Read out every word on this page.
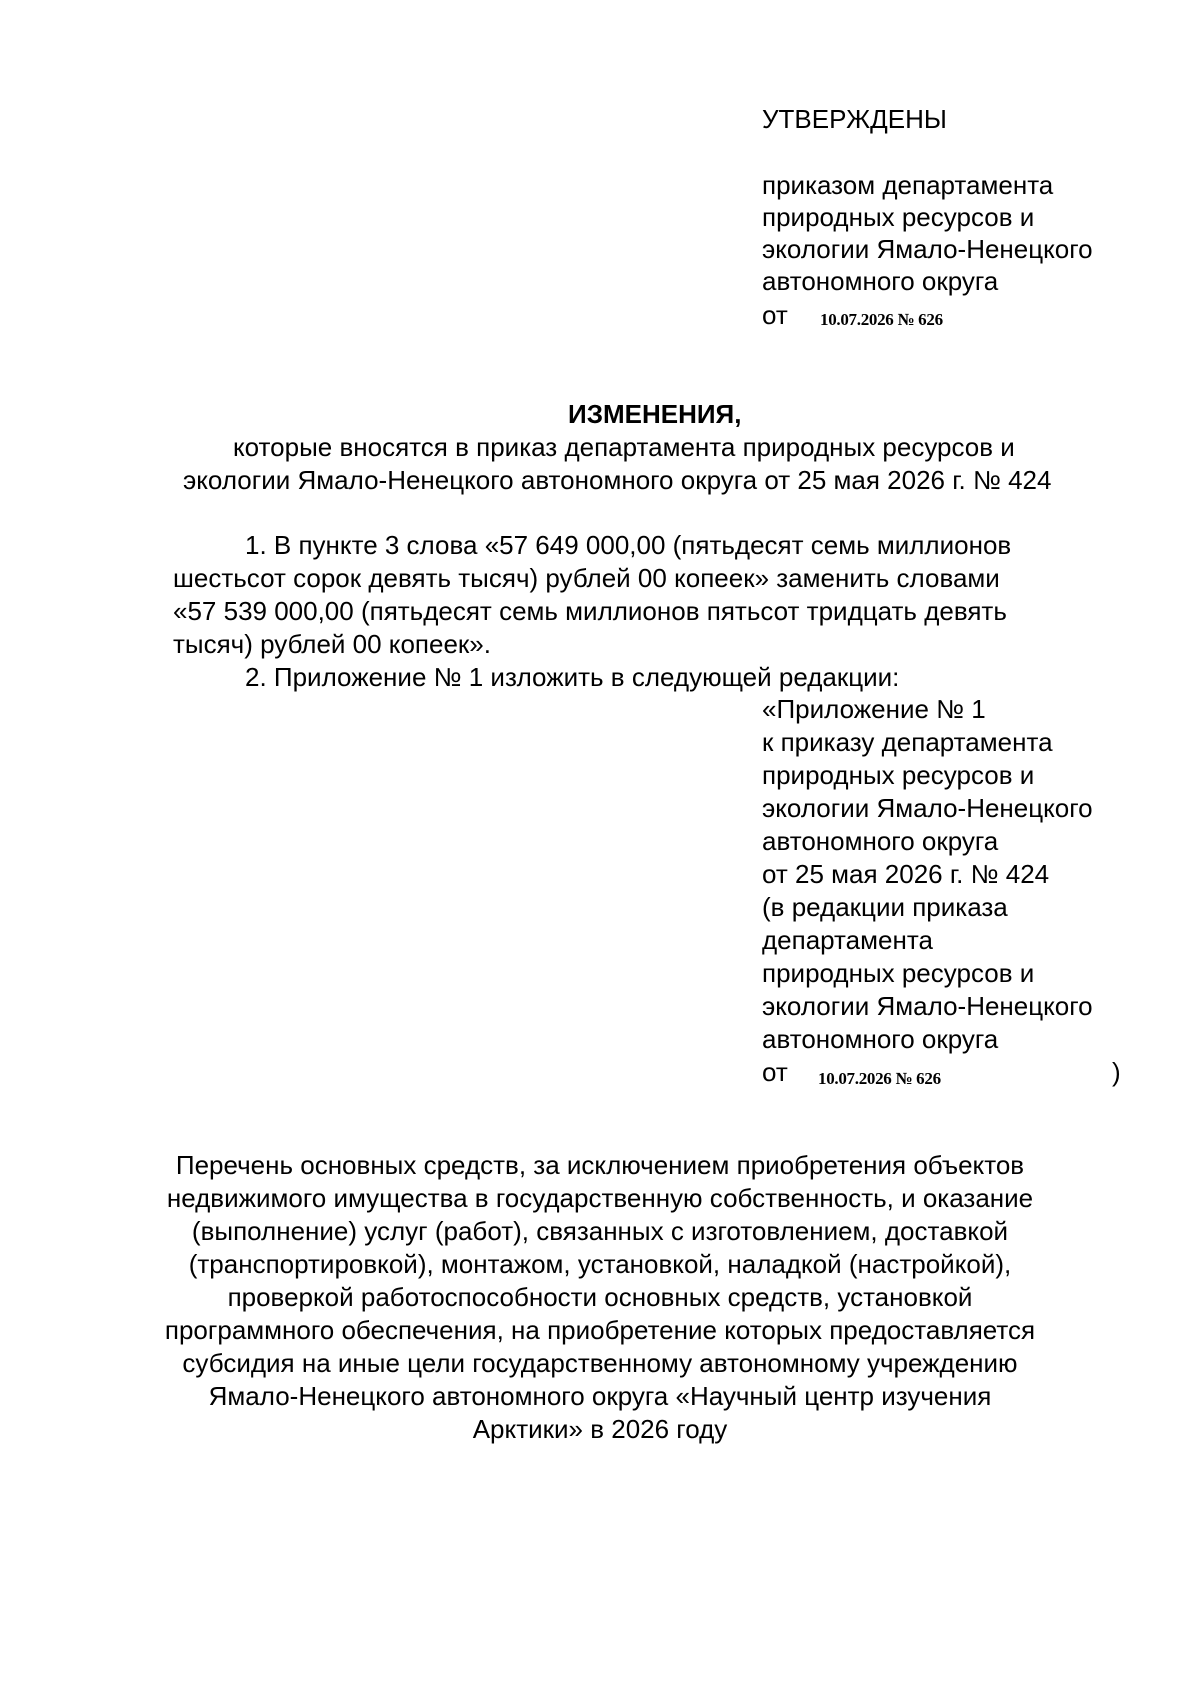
УТВЕРЖДЕНЫ
приказом департамента
природных ресурсов и
экологии Ямало-Ненецкого
автономного округа
от 10.07.2026 № 626
ИЗМЕНЕНИЯ,
которые вносятся в приказ департамента природных ресурсов и
экологии Ямало-Ненецкого автономного округа от 25 мая 2026 г. № 424
1. В пункте 3 слова «57 649 000,00 (пятьдесят семь миллионов
шестьсот сорок девять тысяч) рублей 00 копеек» заменить словами
«57 539 000,00 (пятьдесят семь миллионов пятьсот тридцать девять
тысяч) рублей 00 копеек».
2. Приложение № 1 изложить в следующей редакции:
«Приложение № 1
к приказу департамента
природных ресурсов и
экологии Ямало-Ненецкого
автономного округа
от 25 мая 2026 г. № 424
(в редакции приказа
департамента
природных ресурсов и
экологии Ямало-Ненецкого
автономного округа
от 10.07.2026 № 626	)
Перечень основных средств, за исключением приобретения объектов
недвижимого имущества в государственную собственность, и оказание
(выполнение) услуг (работ), связанных с изготовлением, доставкой
(транспортировкой), монтажом, установкой, наладкой (настройкой),
проверкой работоспособности основных средств, установкой
программного обеспечения, на приобретение которых предоставляется
субсидия на иные цели государственному автономному учреждению
Ямало-Ненецкого автономного округа «Научный центр изучения
Арктики» в 2026 году
